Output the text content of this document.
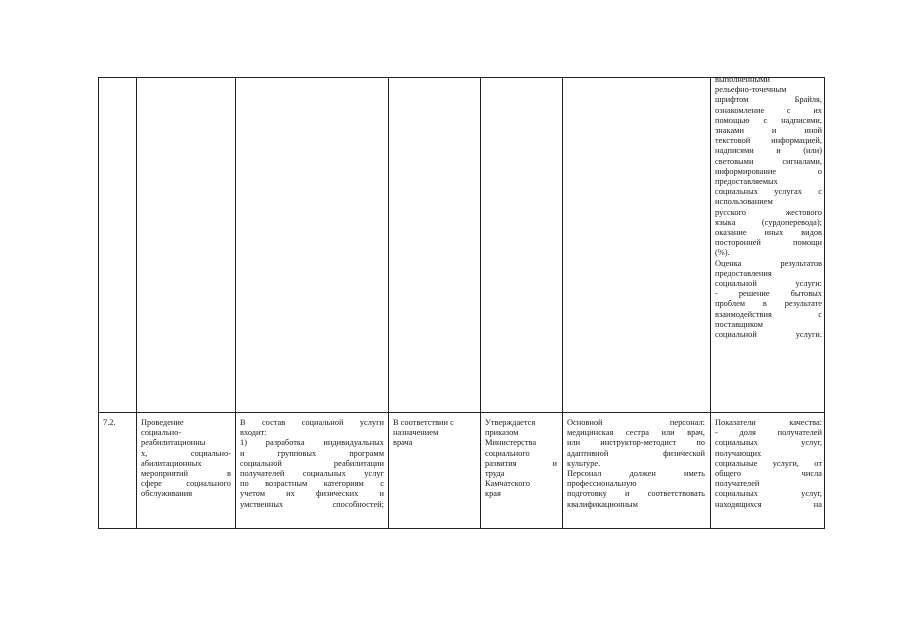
выполненными

рельефно-точечным

шрифтом Брайля,

ознакомление с их

помощью с надписями,

знаками и иной

текстовой информацией,

надписями и (или)

световыми сигналами,

информирование о

предоставляемых

социальных услугах с

использованием

русского жестового

языка (сурдоперевода);

оказание иных видов

посторонней помощи

(%).

Оценка результатов

предоставления

социальной услуги:

- решение бытовых

проблем в результате

взаимодействия с

поставщиком

социальной услуги.

7.2.	Проведение

социально-

реабилитационны

х, социально-

абилитационных

мероприятий в

сфере социального

обслуживания

В состав социальной услуги

входит:

1) разработка индивидуальных

и групповых программ

социальной реабилитации

получателей социальных услуг

по возрастным категориям с

учетом их физических и

умственных способностей;

В соответствии с

назначением

врача

Утверждается

приказом

Министерства

социального

развития и

труда

Камчатского

края

Основной персонал:

медицинская сестра или врач,

или инструктор-методист по

адаптивной физической

культуре.

Персонал должен иметь

профессиональную

подготовку и соответствовать

квалификационным

Показатели качества:

- доля получателей

социальных услуг,

получающих

социальные услуги, от

общего числа

получателей

социальных услуг,

находящихся на
